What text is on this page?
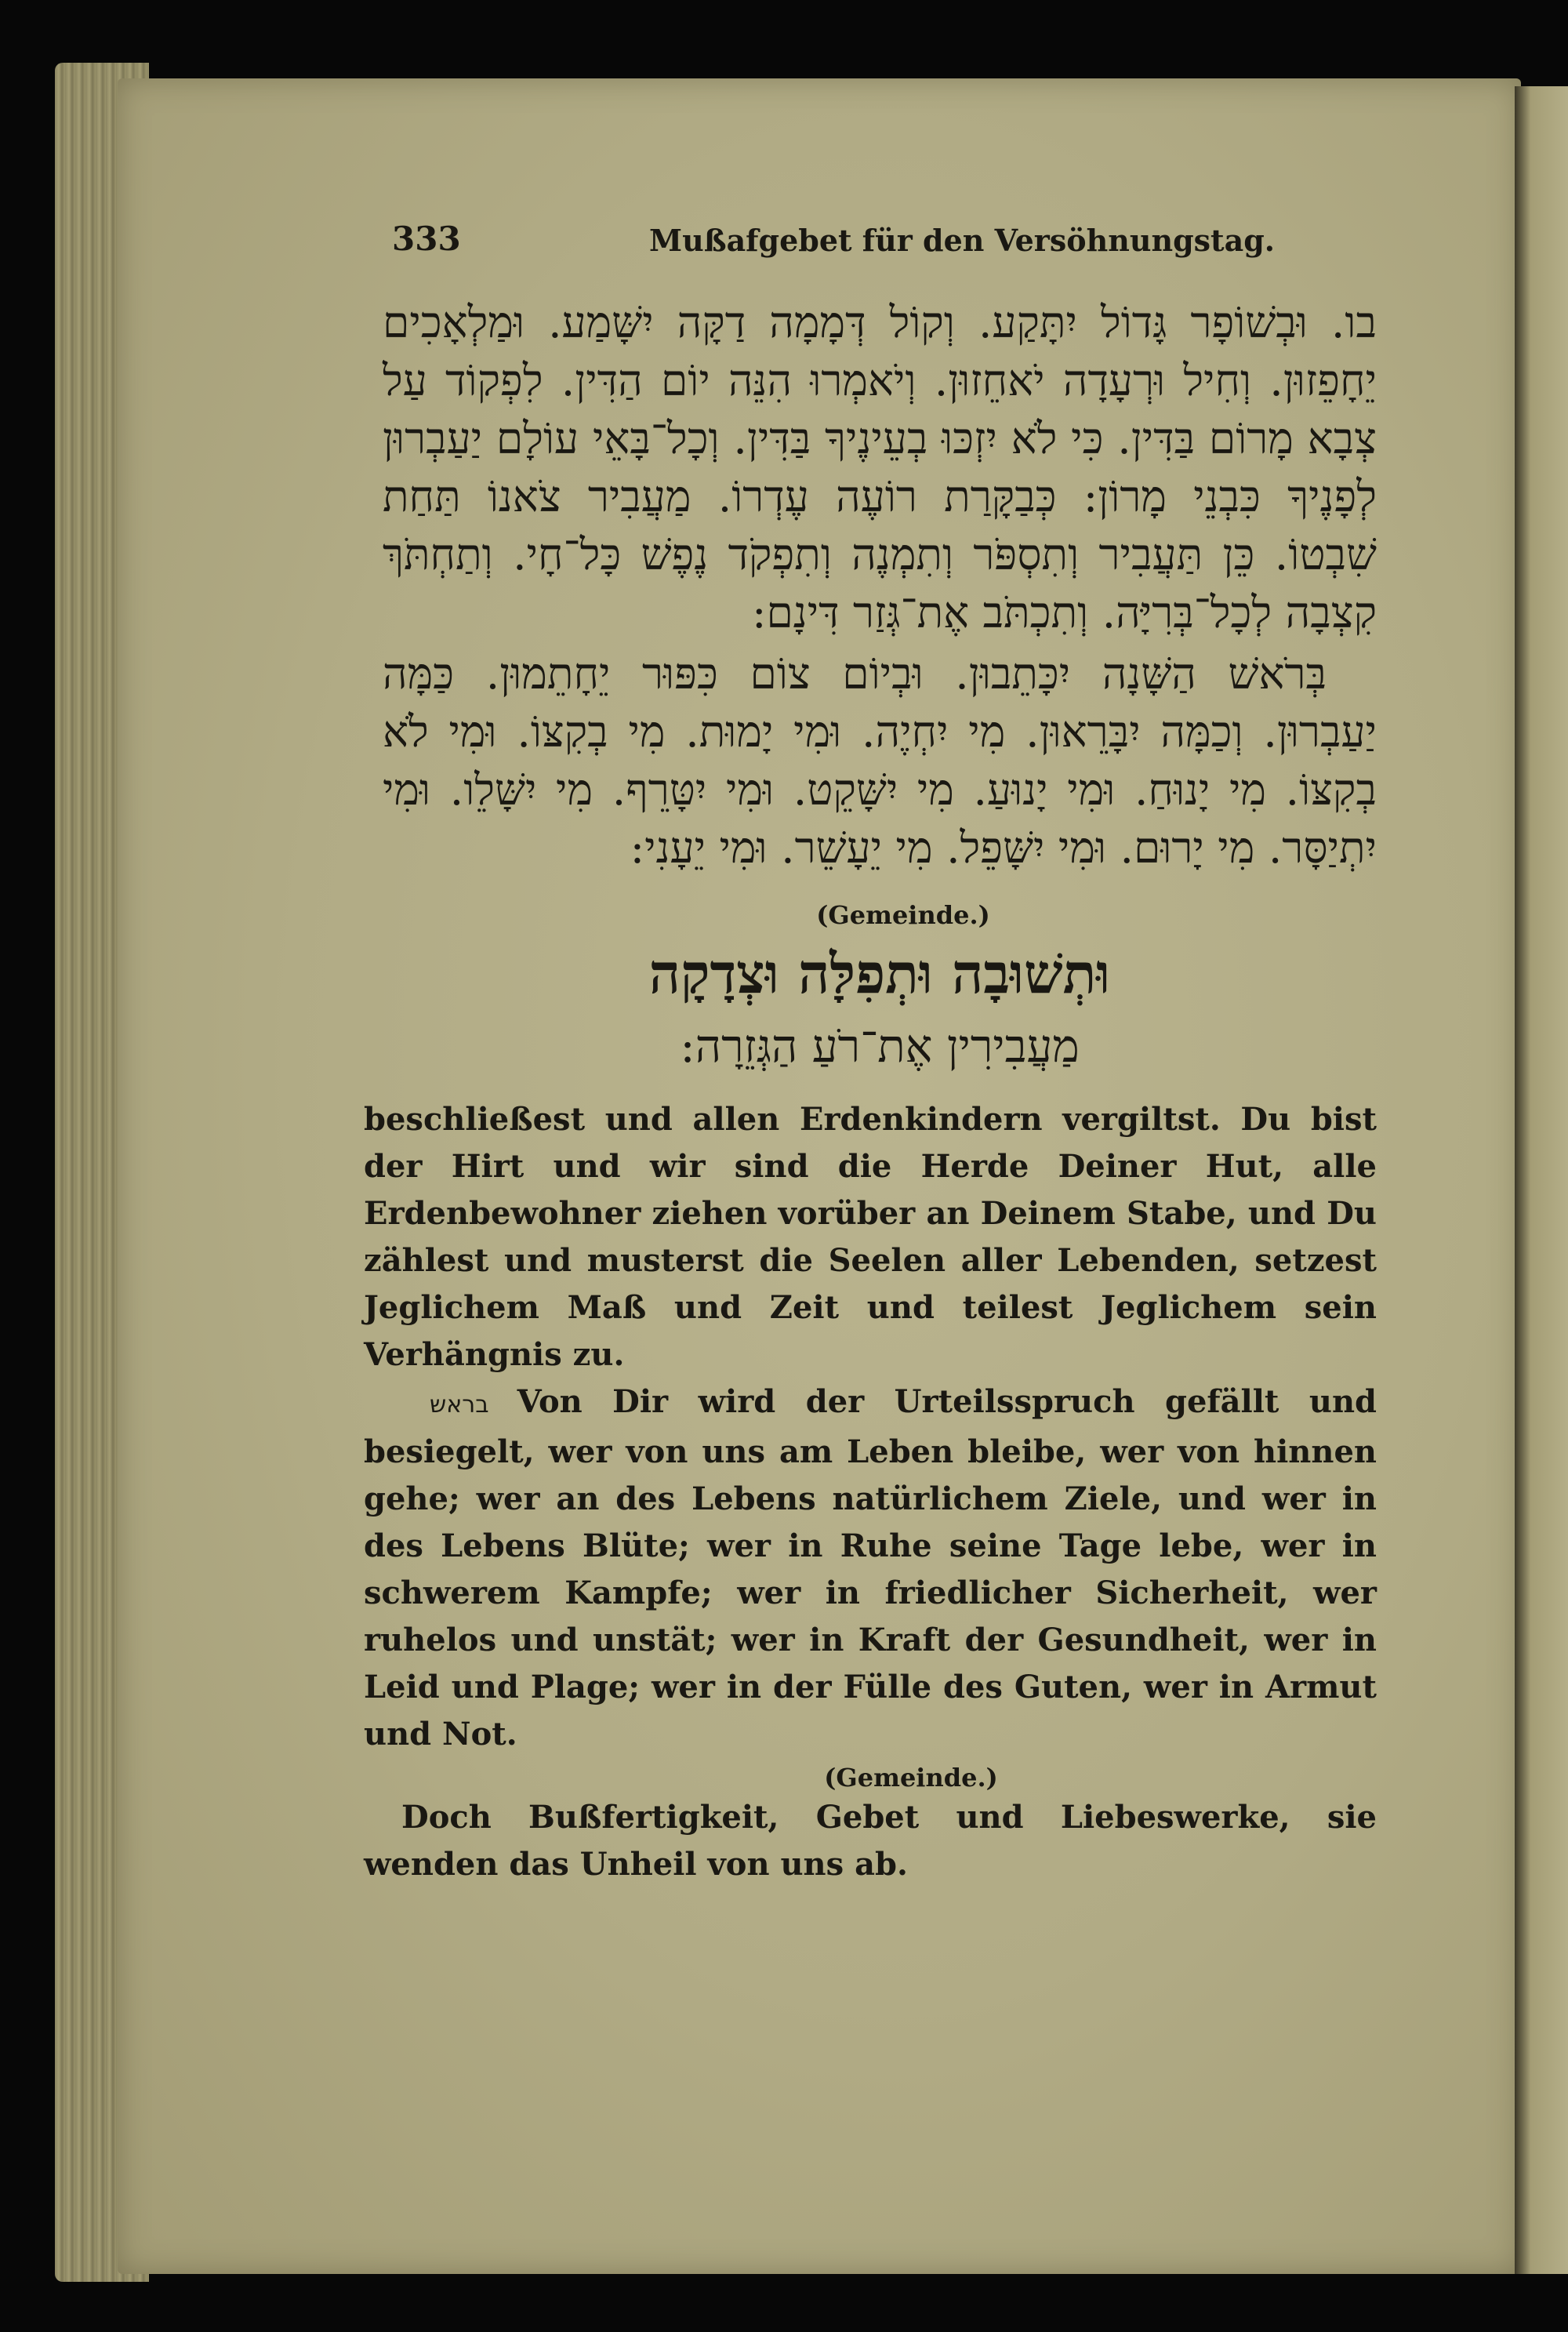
333	Mußafgebet für den Versöhnungstag.

בו. וּבְשׁוֹפָר גָּדוֹל יִתָּקַע. וְקוֹל דְּמָמָה דַקָּה יִשָּׁמַע. וּמַלְאָכִים יֵחָפֵזוּן. וְחִיל וּרְעָדָה יֹאחֵזוּן. וְיֹאמְרוּ הִנֵּה יוֹם הַדִּין. לִפְקוֹד עַל צְבָא מָרוֹם בַּדִּין. כִּי לֹא יִזְכּוּ בְעֵינֶיךָ בַּדִּין. וְכָל־בָּאֵי עוֹלָם יַעַבְרוּן לְפָנֶיךָ כִּבְנֵי מָרוֹן: כְּבַקָּרַת רוֹעֶה עֶדְרוֹ. מַעֲבִיר צֹאנוֹ תַּחַת שִׁבְטוֹ. כֵּן תַּעֲבִיר וְתִסְפֹּר וְתִמְנֶה וְתִפְקֹד נֶפֶשׁ כָּל־חָי. וְתַחְתֹּךְ קִצְבָה לְכָל־בְּרִיָּה. וְתִכְתֹּב אֶת־גְּזַר דִּינָם:

בְּרֹאשׁ הַשָּׁנָה יִכָּתֵבוּן. וּבְיוֹם צוֹם כִּפּוּר יֵחָתֵמוּן. כַּמָּה יַעַבְרוּן. וְכַמָּה יִבָּרֵאוּן. מִי יִחְיֶה. וּמִי יָמוּת. מִי בְקִצּוֹ. וּמִי לֹא בְקִצּוֹ. מִי יָנוּחַ. וּמִי יָנוּעַ. מִי יִשָּׁקֵט. וּמִי יִטָּרֵף. מִי יִשָּׁלֵו. וּמִי יִתְיַסָּר. מִי יָרוּם. וּמִי יִשָּׁפֵל. מִי יֵעָשֵׁר. וּמִי יֵעָנִי:

(Gemeinde.)

וּתְשׁוּבָה וּתְפִלָּה וּצְדָקָה
מַעֲבִירִין אֶת־רֹעַ הַגְּזֵרָה:

beschließest und allen Erdenkindern vergiltst. Du bist der Hirt und wir sind die Herde Deiner Hut, alle Erdenbewohner ziehen vorüber an Deinem Stabe, und Du zählest und musterst die Seelen aller Lebenden, setzest Jeglichem Maß und Zeit und teilest Jeglichem sein Verhängnis zu.

בראש Von Dir wird der Urteilsspruch gefällt und besiegelt, wer von uns am Leben bleibe, wer von hinnen gehe; wer an des Lebens natürlichem Ziele, und wer in des Lebens Blüte; wer in Ruhe seine Tage lebe, wer in schwerem Kampfe; wer in friedlicher Sicherheit, wer ruhelos und unstät; wer in Kraft der Gesundheit, wer in Leid und Plage; wer in der Fülle des Guten, wer in Armut und Not.

(Gemeinde.)

Doch Bußfertigkeit, Gebet und Liebeswerke, sie wenden das Unheil von uns ab.
